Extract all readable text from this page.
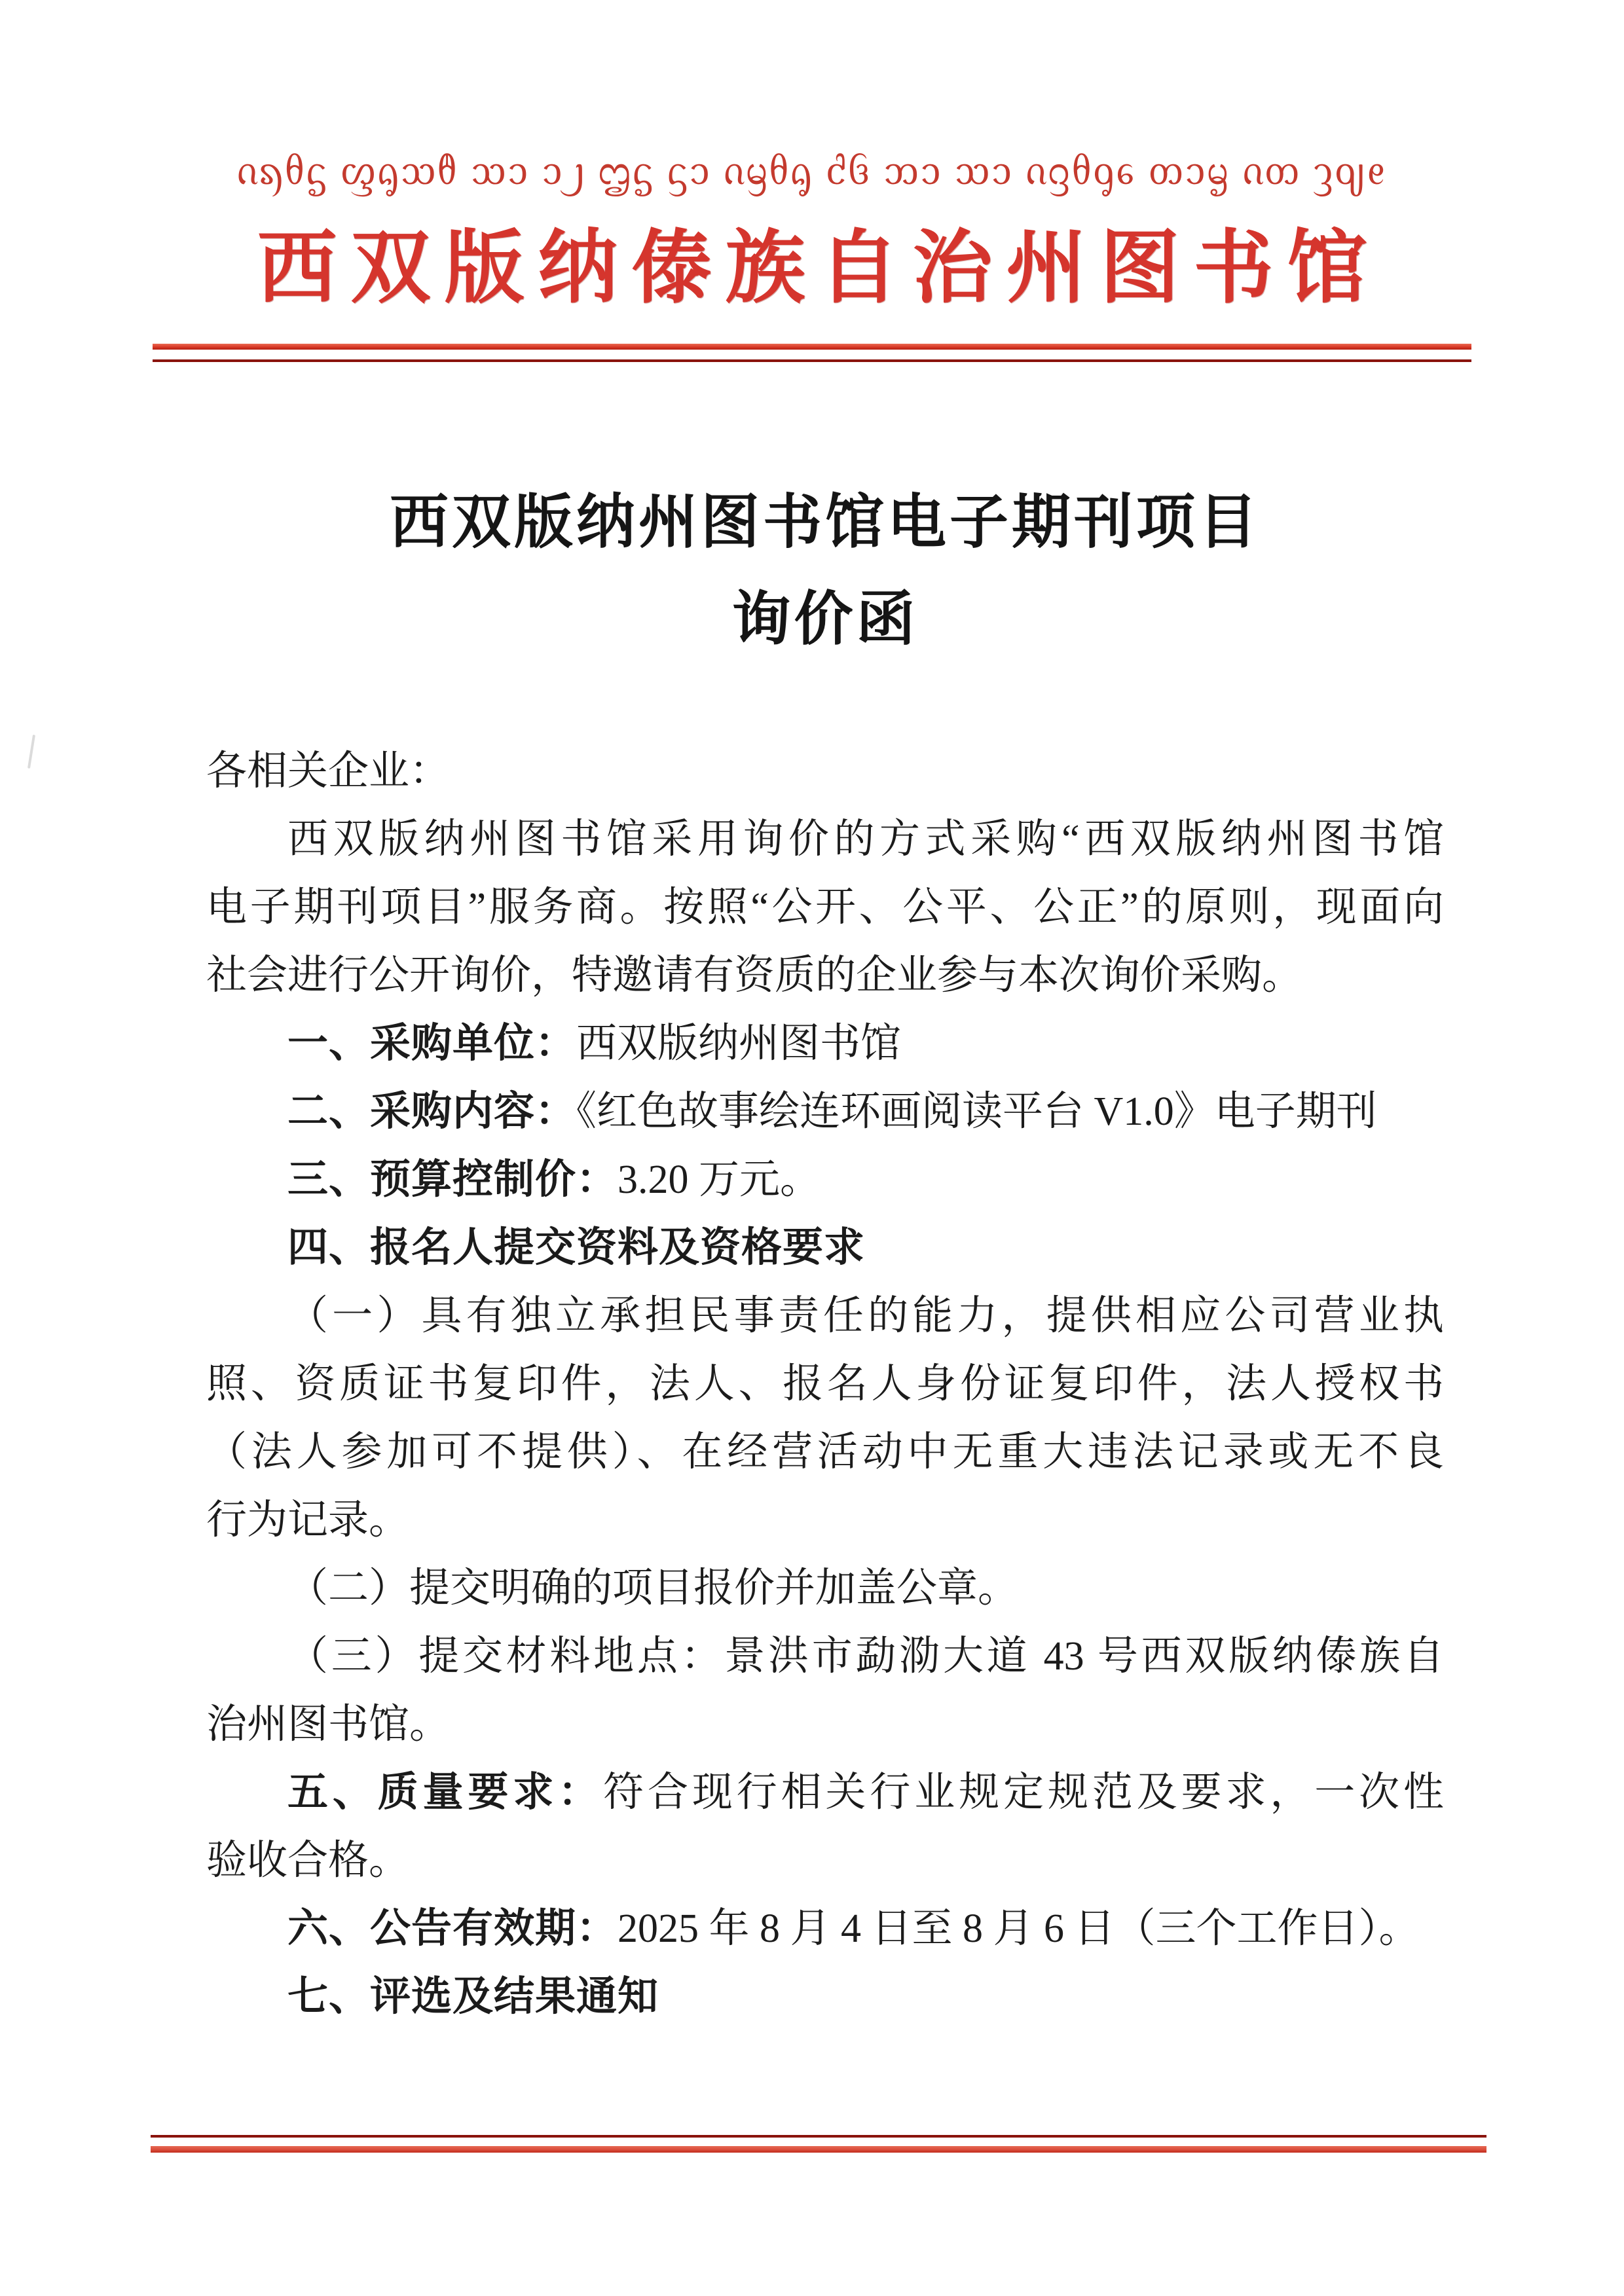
ᦵᦣᦲᧃ ᦐᧂᦉᦹ ᦉᦱ ᦱ᧒ ᦗᧃ ᦓᦱ ᦵᦙᦲᧂ ᦺᦑ ᦘᦱ ᦉᦱ ᦵᦋᦲᧁᧈ ᦎᦱᧄ ᦵᦎ ᦡᦽᧉ
西双版纳傣族自治州图书馆
西双版纳州图书馆电子期刊项目
询价函
各相关企业：
西双版纳州图书馆采用询价的方式采购“西双版纳州图书馆
电子期刊项目”服务商。按照“公开、公平、公正”的原则，现面向
社会进行公开询价，特邀请有资质的企业参与本次询价采购。
一、采购单位：西双版纳州图书馆
二、采购内容：《红色故事绘连环画阅读平台 V1.0》电子期刊
三、预算控制价：3.20 万元。
四、报名人提交资料及资格要求
（一）具有独立承担民事责任的能力，提供相应公司营业执
照、资质证书复印件，法人、报名人身份证复印件，法人授权书
（法人参加可不提供）、在经营活动中无重大违法记录或无不良
行为记录。
（二）提交明确的项目报价并加盖公章。
（三）提交材料地点：景洪市勐泐大道 43 号西双版纳傣族自
治州图书馆。
五、质量要求：符合现行相关行业规定规范及要求，一次性
验收合格。
六、公告有效期：2025 年 8 月 4 日至 8 月 6 日（三个工作日）。
七、评选及结果通知
